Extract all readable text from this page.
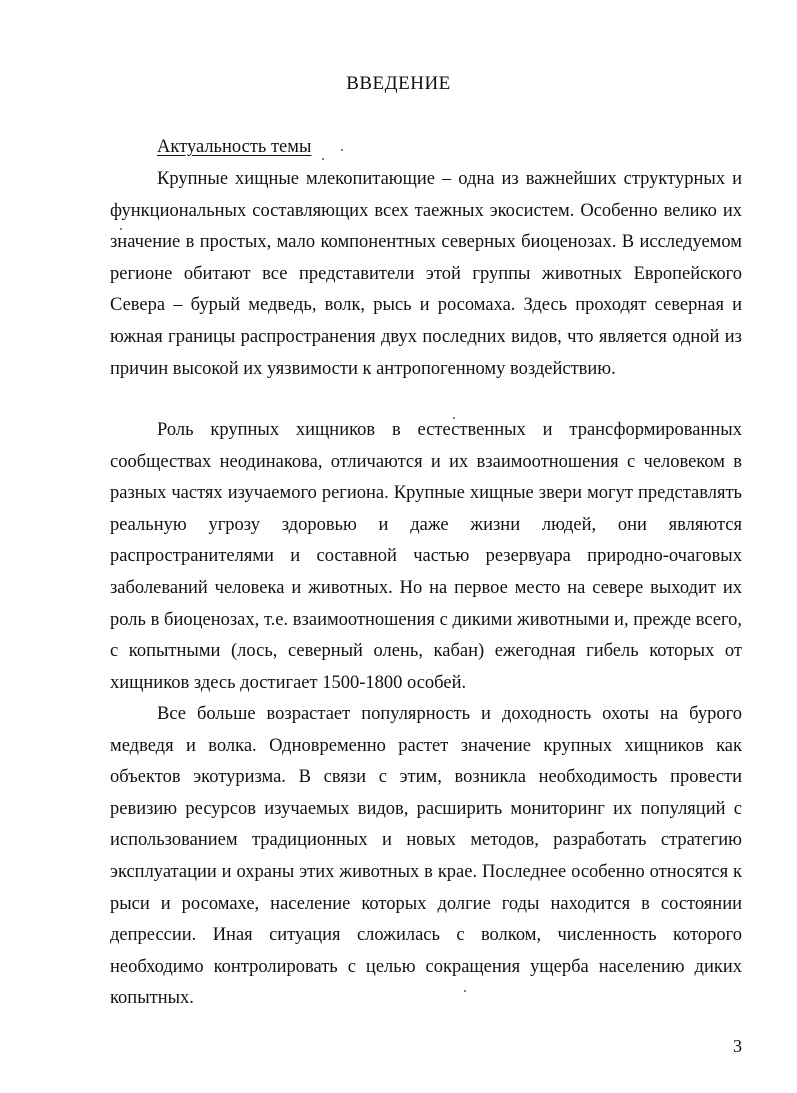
ВВЕДЕНИЕ
Актуальность темы

Крупные хищные млекопитающие – одна из важнейших структурных и функциональных составляющих всех таежных экосистем. Особенно велико их значение в простых, мало компонентных северных биоценозах. В исследуемом регионе обитают все представители этой группы животных Европейского Севера – бурый медведь, волк, рысь и росомаха. Здесь проходят северная и южная границы распространения двух последних видов, что является одной из причин высокой их уязвимости к антропогенному воздействию.

Роль крупных хищников в естественных и трансформированных сообществах неодинакова, отличаются и их взаимоотношения с человеком в разных частях изучаемого региона. Крупные хищные звери могут представлять реальную угрозу здоровью и даже жизни людей, они являются распространителями и составной частью резервуара природно-очаговых заболеваний человека и животных. Но на первое место на севере выходит их роль в биоценозах, т.е. взаимоотношения с дикими животными и, прежде всего, с копытными (лось, северный олень, кабан) ежегодная гибель которых от хищников здесь достигает 1500-1800 особей.

Все больше возрастает популярность и доходность охоты на бурого медведя и волка. Одновременно растет значение крупных хищников как объектов экотуризма. В связи с этим, возникла необходимость провести ревизию ресурсов изучаемых видов, расширить мониторинг их популяций с использованием традиционных и новых методов, разработать стратегию эксплуатации и охраны этих животных в крае. Последнее особенно относятся к рыси и росомахе, население которых долгие годы находится в состоянии депрессии. Иная ситуация сложилась с волком, численность которого необходимо контролировать с целью сокращения ущерба населению диких копытных.

3
